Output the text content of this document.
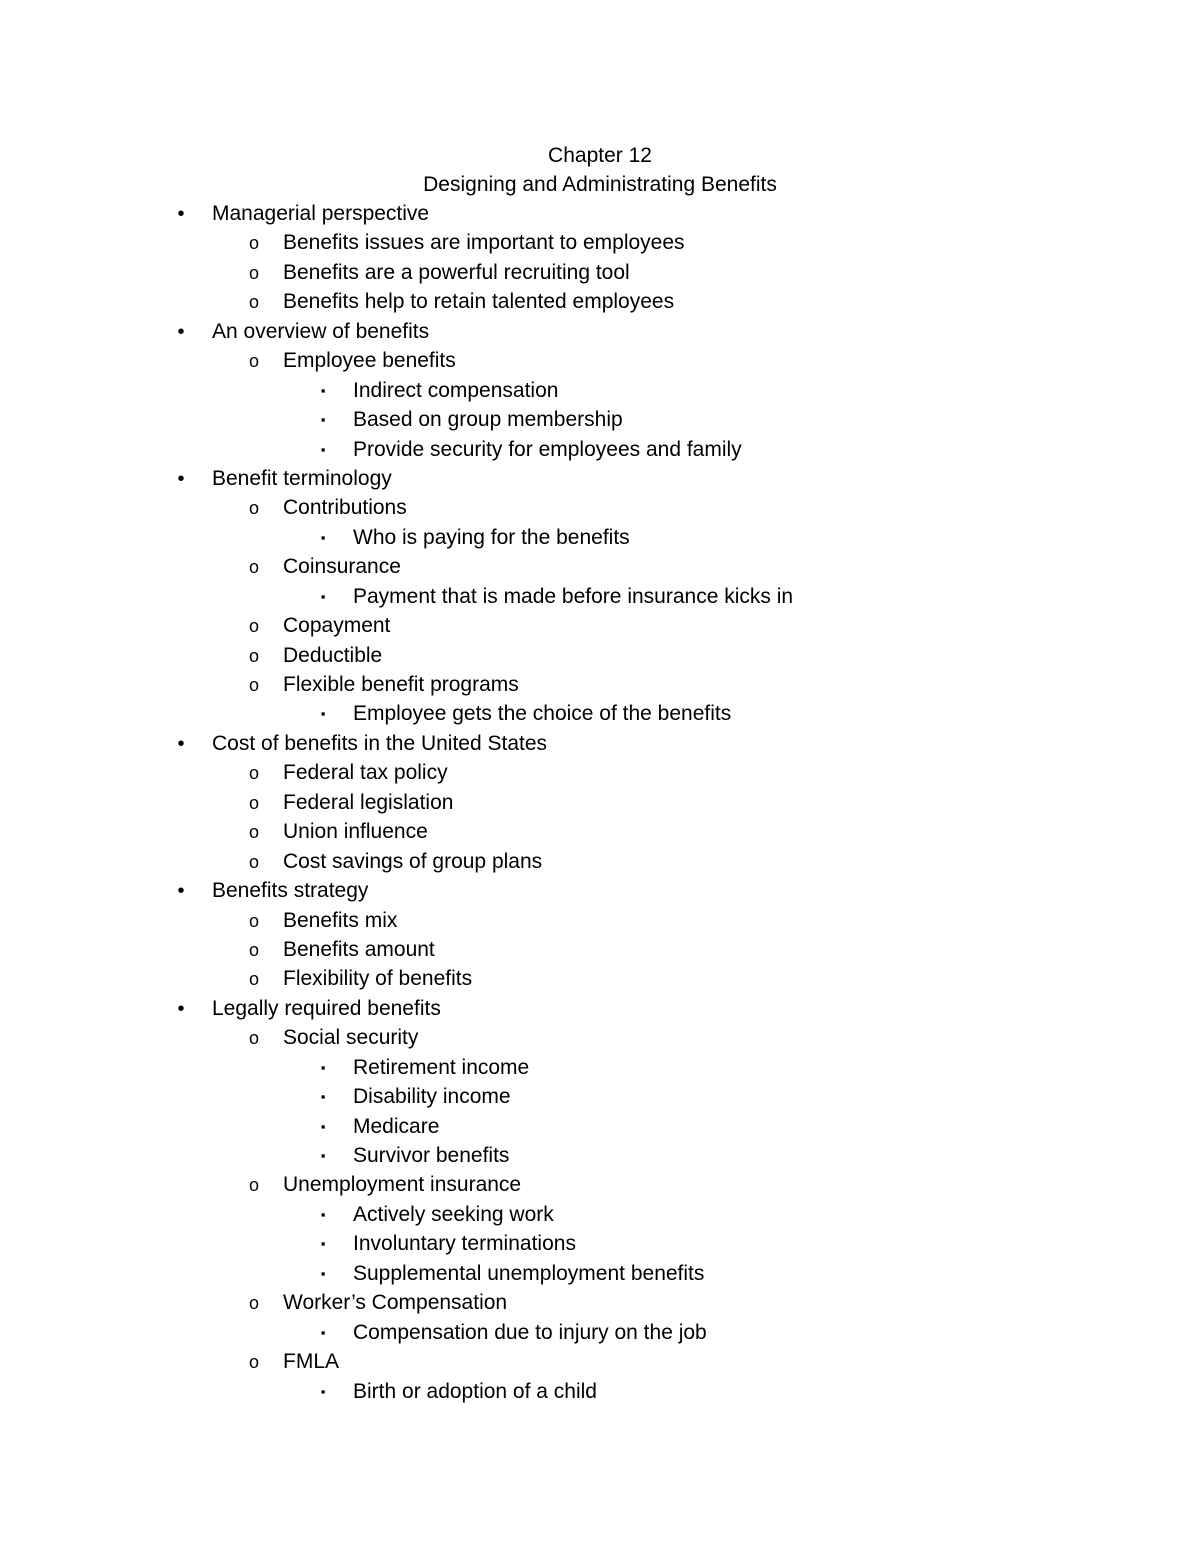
Chapter 12
Designing and Administrating Benefits
• Managerial perspective
o Benefits issues are important to employees
o Benefits are a powerful recruiting tool
o Benefits help to retain talented employees
• An overview of benefits
o Employee benefits
▪ Indirect compensation
▪ Based on group membership
▪ Provide security for employees and family
• Benefit terminology
o Contributions
▪ Who is paying for the benefits
o Coinsurance
▪ Payment that is made before insurance kicks in
o Copayment
o Deductible
o Flexible benefit programs
▪ Employee gets the choice of the benefits
• Cost of benefits in the United States
o Federal tax policy
o Federal legislation
o Union influence
o Cost savings of group plans
• Benefits strategy
o Benefits mix
o Benefits amount
o Flexibility of benefits
• Legally required benefits
o Social security
▪ Retirement income
▪ Disability income
▪ Medicare
▪ Survivor benefits
o Unemployment insurance
▪ Actively seeking work
▪ Involuntary terminations
▪ Supplemental unemployment benefits
o Worker’s Compensation
▪ Compensation due to injury on the job
o FMLA
▪ Birth or adoption of a child
